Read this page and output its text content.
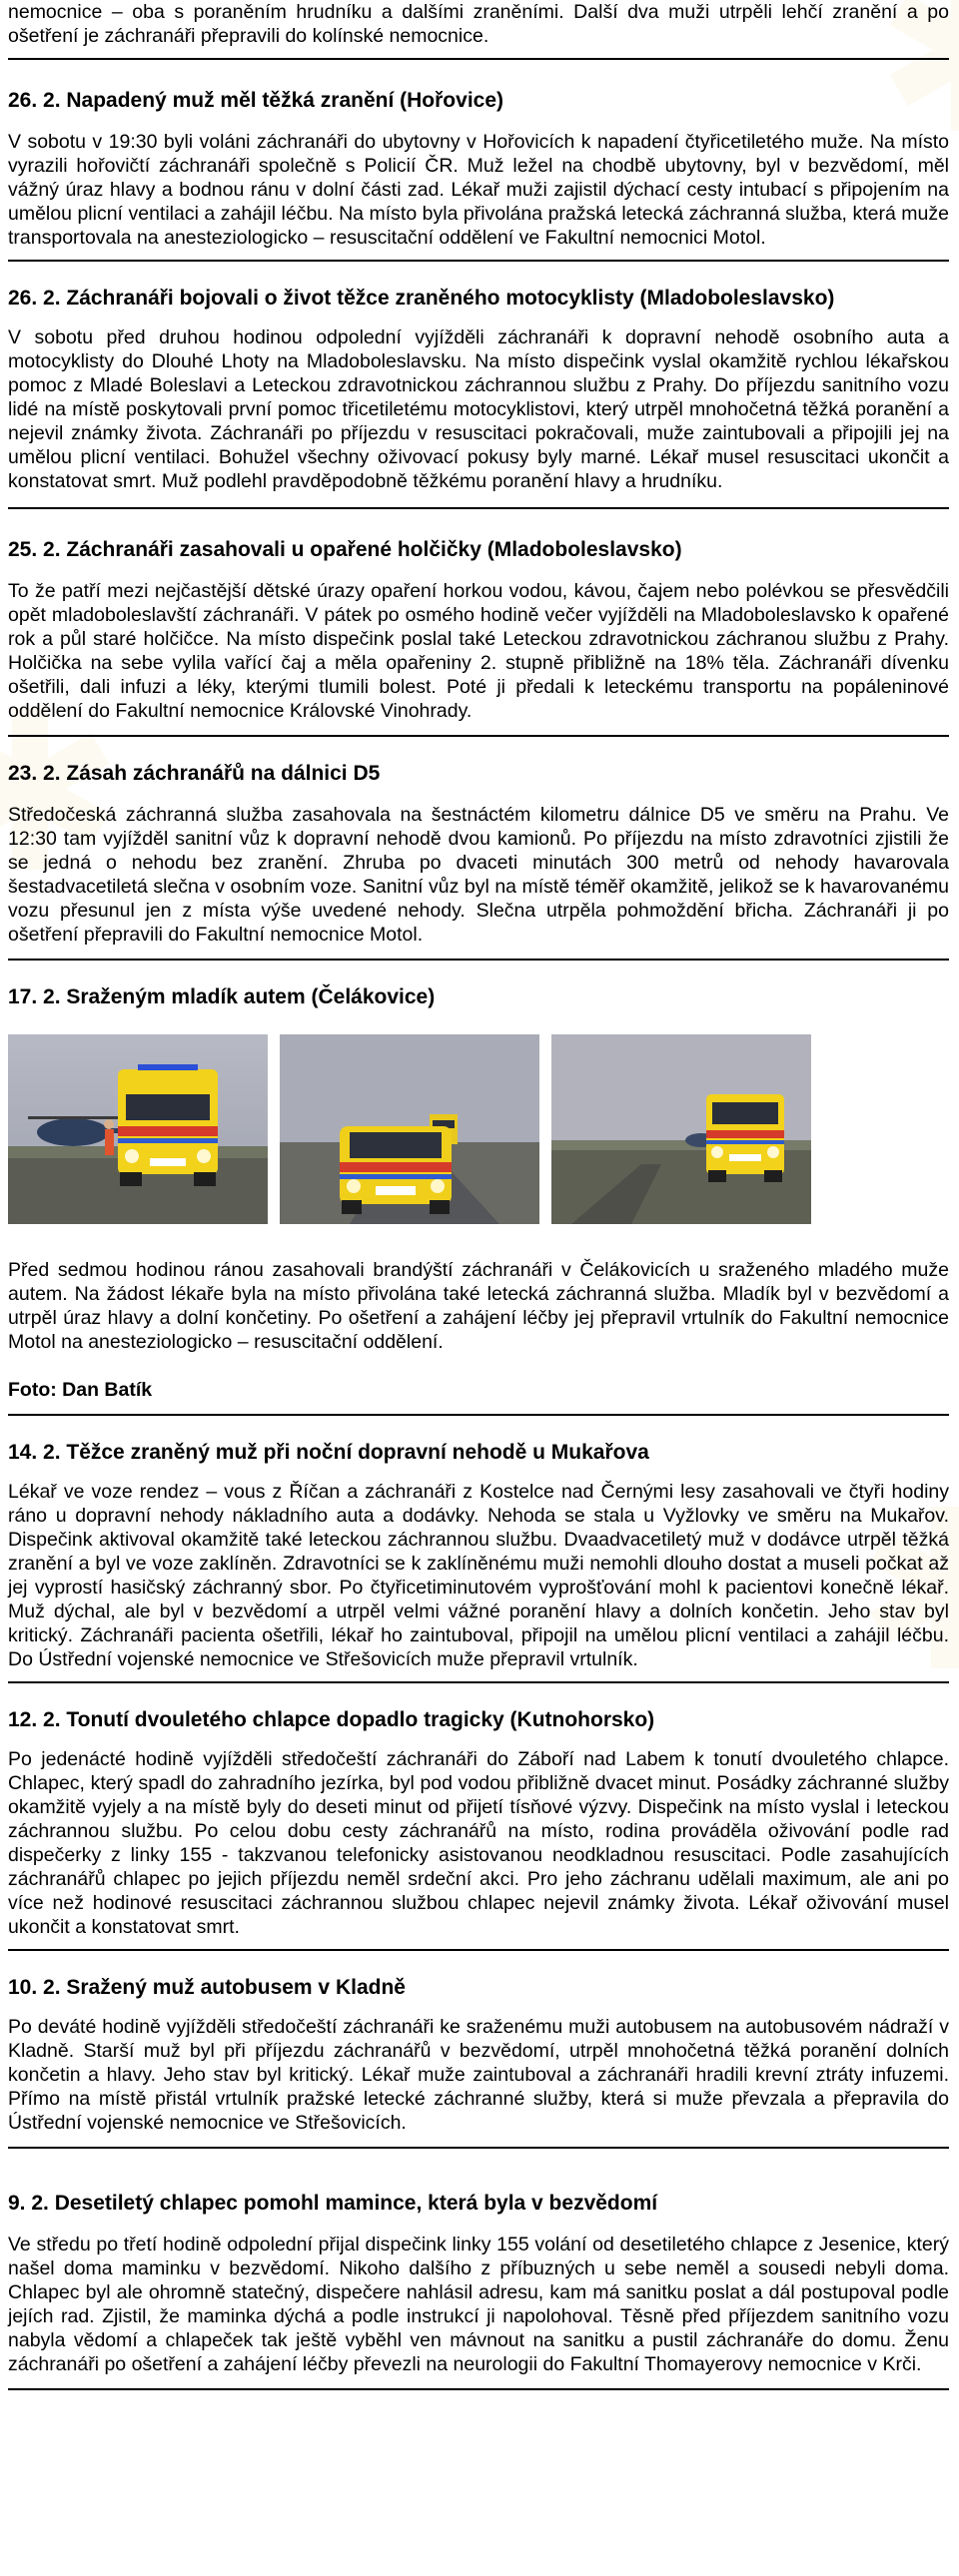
nemocnice – oba s poraněním hrudníku a dalšími zraněními. Další dva muži utrpěli lehčí zranění a po ošetření je záchranáři přepravili do kolínské nemocnice.

26. 2. Napadený muž měl těžká zranění (Hořovice)

V sobotu v 19:30 byli voláni záchranáři do ubytovny v Hořovicích k napadení čtyřicetiletého muže. Na místo vyrazili hořovičtí záchranáři společně s Policií ČR. Muž ležel na chodbě ubytovny, byl v bezvědomí, měl vážný úraz hlavy a bodnou ránu v dolní části zad. Lékař muži zajistil dýchací cesty intubací s připojením na umělou plicní ventilaci a zahájil léčbu. Na místo byla přivolána pražská letecká záchranná služba, která muže transportovala na anesteziologicko – resuscitační oddělení ve Fakultní nemocnici Motol.

26. 2. Záchranáři bojovali o život těžce zraněného motocyklisty (Mladoboleslavsko)

V sobotu před druhou hodinou odpolední vyjížděli záchranáři k dopravní nehodě osobního auta a motocyklisty do Dlouhé Lhoty na Mladoboleslavsku. Na místo dispečink vyslal okamžitě rychlou lékařskou pomoc z Mladé Boleslavi a Leteckou zdravotnickou záchrannou službu z Prahy. Do příjezdu sanitního vozu lidé na místě poskytovali první pomoc třicetiletému motocyklistovi, který utrpěl mnohočetná těžká poranění a nejevil známky života. Záchranáři po příjezdu v resuscitaci pokračovali, muže zaintubovali a připojili jej na umělou plicní ventilaci. Bohužel všechny oživovací pokusy byly marné. Lékař musel resuscitaci ukončit a konstatovat smrt. Muž podlehl pravděpodobně těžkému poranění hlavy a hrudníku.

25. 2. Záchranáři zasahovali u opařené holčičky (Mladoboleslavsko)

To že patří mezi nejčastější dětské úrazy opaření horkou vodou, kávou, čajem nebo polévkou se přesvědčili opět mladoboleslavští záchranáři. V pátek po osmého hodině večer vyjížděli na Mladoboleslavsko k opařené rok a půl staré holčičce. Na místo dispečink poslal také Leteckou zdravotnickou záchranou službu z Prahy. Holčička na sebe vylila vařící čaj a měla opařeniny 2. stupně přibližně na 18% těla. Záchranáři dívenku ošetřili, dali infuzi a léky, kterými tlumili bolest. Poté ji předali k leteckému transportu na popáleninové oddělení do Fakultní nemocnice Královské Vinohrady.

23. 2. Zásah záchranářů na dálnici D5

Středočeská záchranná služba zasahovala na šestnáctém kilometru dálnice D5 ve směru na Prahu. Ve 12:30 tam vyjížděl sanitní vůz k dopravní nehodě dvou kamionů. Po příjezdu na místo zdravotníci zjistili že se jedná o nehodu bez zranění. Zhruba po dvaceti minutách 300 metrů od nehody havarovala šestadvacetiletá slečna v osobním voze. Sanitní vůz byl na místě téměř okamžitě, jelikož se k havarovanému vozu přesunul jen z místa výše uvedené nehody. Slečna utrpěla pohmoždění břicha. Záchranáři ji po ošetření přepravili do Fakultní nemocnice Motol.

17. 2. Sraženým mladík autem (Čelákovice)

Před sedmou hodinou ránou zasahovali brandýští záchranáři v Čelákovicích u sraženého mladého muže autem. Na žádost lékaře byla na místo přivolána také letecká záchranná služba. Mladík byl v bezvědomí a utrpěl úraz hlavy a dolní končetiny. Po ošetření a zahájení léčby jej přepravil vrtulník do Fakultní nemocnice Motol na anesteziologicko – resuscitační oddělení.

Foto: Dan Batík

14. 2. Těžce zraněný muž při noční dopravní nehodě u Mukařova

Lékař ve voze rendez – vous z Říčan a záchranáři z Kostelce nad Černými lesy zasahovali ve čtyři hodiny ráno u dopravní nehody nákladního auta a dodávky. Nehoda se stala u Vyžlovky ve směru na Mukařov. Dispečink aktivoval okamžitě také leteckou záchrannou službu. Dvaadvacetiletý muž v dodávce utrpěl těžká zranění a byl ve voze zaklíněn. Zdravotníci se k zaklíněnému muži nemohli dlouho dostat a museli počkat až jej vyprostí hasičský záchranný sbor. Po čtyřicetiminutovém vyprošťování mohl k pacientovi konečně lékař. Muž dýchal, ale byl v bezvědomí a utrpěl velmi vážné poranění hlavy a dolních končetin. Jeho stav byl kritický. Záchranáři pacienta ošetřili, lékař ho zaintuboval, připojil na umělou plicní ventilaci a zahájil léčbu. Do Ústřední vojenské nemocnice ve Střešovicích muže přepravil vrtulník.

12. 2. Tonutí dvouletého chlapce dopadlo tragicky (Kutnohorsko)

Po jedenácté hodině vyjížděli středočeští záchranáři do Záboří nad Labem k tonutí dvouletého chlapce. Chlapec, který spadl do zahradního jezírka, byl pod vodou přibližně dvacet minut. Posádky záchranné služby okamžitě vyjely a na místě byly do deseti minut od přijetí tísňové výzvy. Dispečink na místo vyslal i leteckou záchrannou službu. Po celou dobu cesty záchranářů na místo, rodina prováděla oživování podle rad dispečerky z linky 155 - takzvanou telefonicky asistovanou neodkladnou resuscitaci. Podle zasahujících záchranářů chlapec po jejich příjezdu neměl srdeční akci. Pro jeho záchranu udělali maximum, ale ani po více než hodinové resuscitaci záchrannou službou chlapec nejevil známky života. Lékař oživování musel ukončit a konstatovat smrt.

10. 2. Sražený muž autobusem v Kladně

Po deváté hodině vyjížděli středočeští záchranáři ke sraženému muži autobusem na autobusovém nádraží v Kladně. Starší muž byl při příjezdu záchranářů v bezvědomí, utrpěl mnohočetná těžká poranění dolních končetin a hlavy. Jeho stav byl kritický. Lékař muže zaintuboval a záchranáři hradili krevní ztráty infuzemi. Přímo na místě přistál vrtulník pražské letecké záchranné služby, která si muže převzala a přepravila do Ústřední vojenské nemocnice ve Střešovicích.

9. 2. Desetiletý chlapec pomohl mamince, která byla v bezvědomí

Ve středu po třetí hodině odpolední přijal dispečink linky 155 volání od desetiletého chlapce z Jesenice, který našel doma maminku v bezvědomí. Nikoho dalšího z příbuzných u sebe neměl a sousedi nebyli doma. Chlapec byl ale ohromně statečný, dispečere nahlásil adresu, kam má sanitku poslat a dál postupoval podle jejích rad. Zjistil, že maminka dýchá a podle instrukcí ji napolohoval. Těsně před příjezdem sanitního vozu nabyla vědomí a chlapeček tak ještě vyběhl ven mávnout na sanitku a pustil záchranáře do domu. Ženu záchranáři po ošetření a zahájení léčby převezli na neurologii do Fakultní Thomayerovy nemocnice v Krči.
